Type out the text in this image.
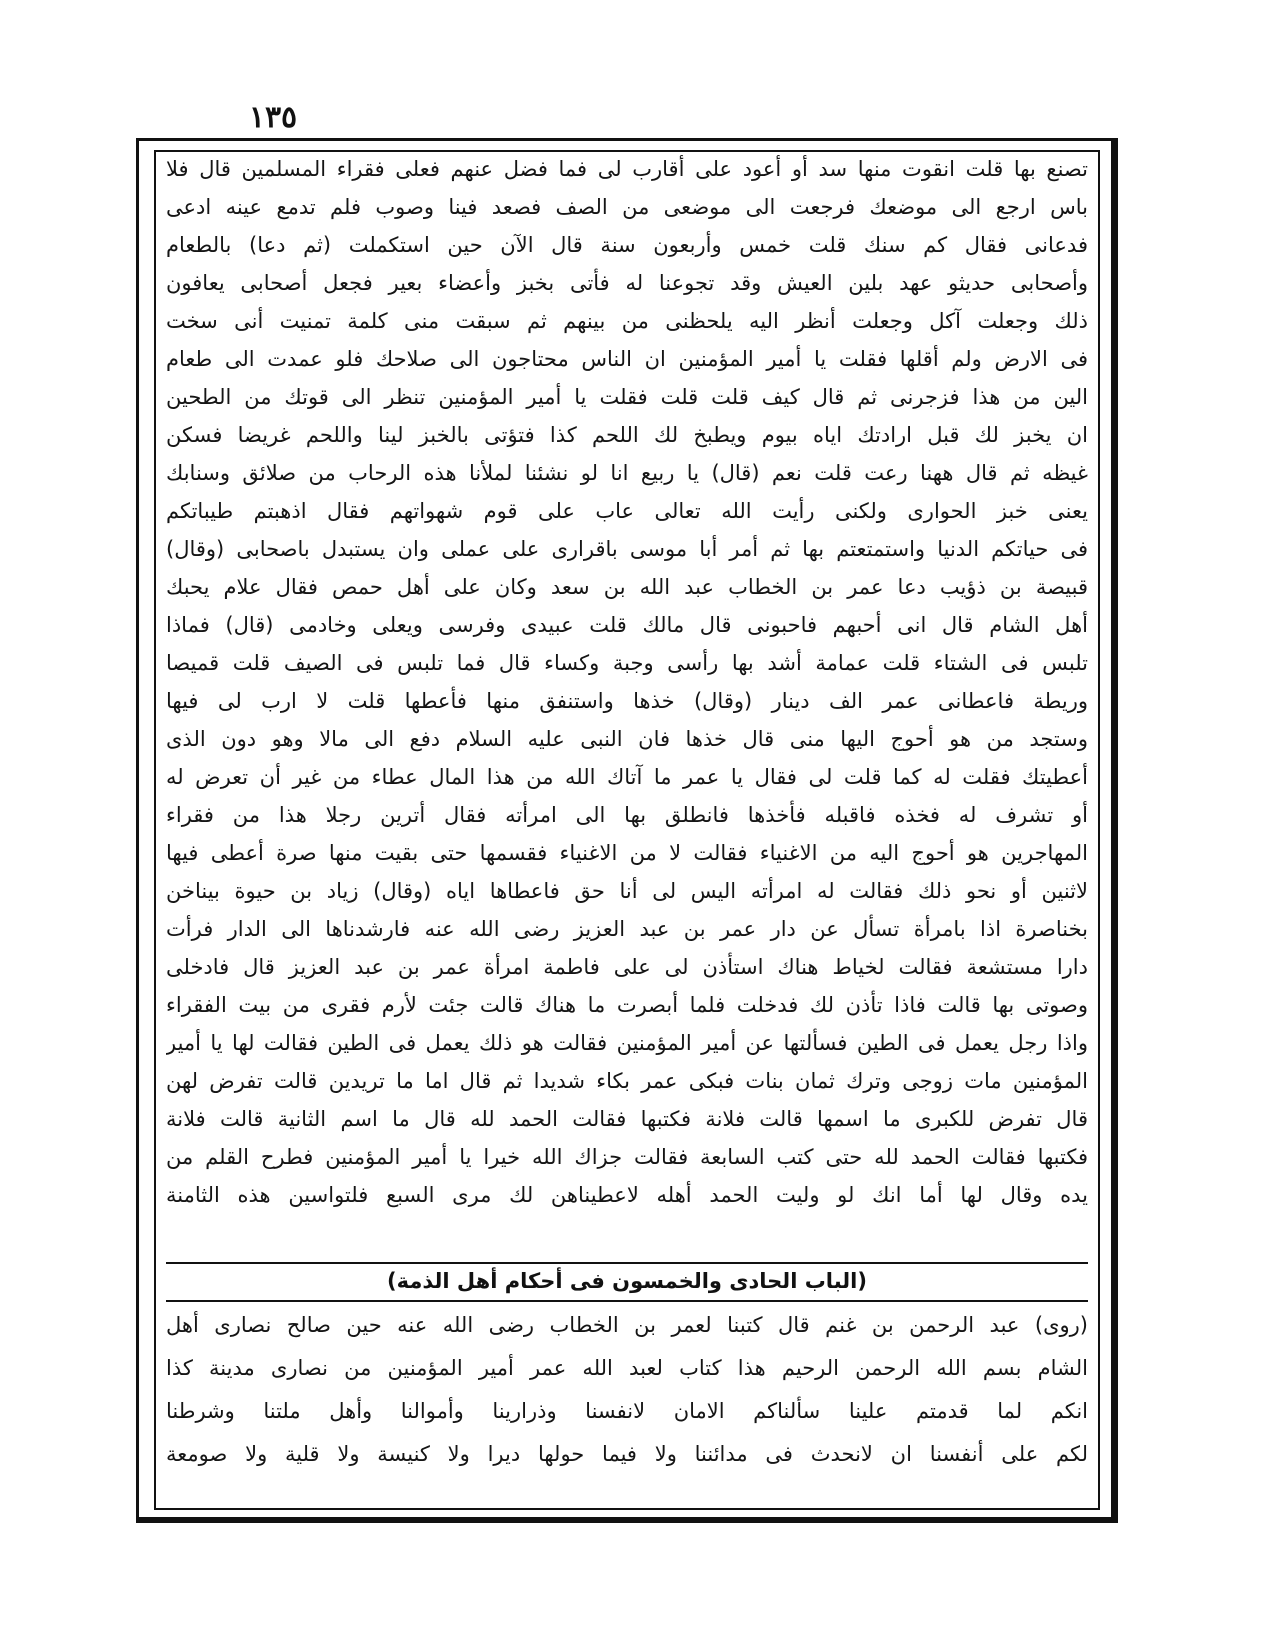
١٣٥
تصنع بها قلت انقوت منها سد أو أعود على أقارب لى فما فضل عنهم فعلى فقراء المسلمين قال فلا
باس ارجع الى موضعك فرجعت الى موضعى من الصف فصعد فينا وصوب فلم تدمع عينه ادعى
فدعانى فقال كم سنك قلت خمس وأربعون سنة قال الآن حين استكملت (ثم دعا) بالطعام
وأصحابى حديثو عهد بلين العيش وقد تجوعنا له فأتى بخبز وأعضاء بعير فجعل أصحابى يعافون
ذلك وجعلت آكل وجعلت أنظر اليه يلحظنى من بينهم ثم سبقت منى كلمة تمنيت أنى سخت
فى الارض ولم أقلها فقلت يا أمير المؤمنين ان الناس محتاجون الى صلاحك فلو عمدت الى طعام
الين من هذا فزجرنى ثم قال كيف قلت قلت فقلت يا أمير المؤمنين تنظر الى قوتك من الطحين
ان يخبز لك قبل ارادتك اياه بيوم ويطبخ لك اللحم كذا فتؤتى بالخبز لينا واللحم غريضا فسكن
غيظه ثم قال ههنا رعت قلت نعم (قال) يا ربيع انا لو نشئنا لملأنا هذه الرحاب من صلائق وسنابك
يعنى خبز الحوارى ولكنى رأيت الله تعالى عاب على قوم شهواتهم فقال اذهبتم طيباتكم
فى حياتكم الدنيا واستمتعتم بها ثم أمر أبا موسى باقرارى على عملى وان يستبدل باصحابى (وقال)
قبيصة بن ذؤيب دعا عمر بن الخطاب عبد الله بن سعد وكان على أهل حمص فقال علام يحبك
أهل الشام قال انى أحبهم فاحبونى قال مالك قلت عبيدى وفرسى ويعلى وخادمى (قال) فماذا
تلبس فى الشتاء قلت عمامة أشد بها رأسى وجبة وكساء قال فما تلبس فى الصيف قلت قميصا
وريطة فاعطانى عمر الف دينار (وقال) خذها واستنفق منها فأعطها قلت لا ارب لى فيها
وستجد من هو أحوج اليها منى قال خذها فان النبى عليه السلام دفع الى مالا وهو دون الذى
أعطيتك فقلت له كما قلت لى فقال يا عمر ما آتاك الله من هذا المال عطاء من غير أن تعرض له
أو تشرف له فخذه فاقبله فأخذها فانطلق بها الى امرأته فقال أترين رجلا هذا من فقراء
المهاجرين هو أحوج اليه من الاغنياء فقالت لا من الاغنياء فقسمها حتى بقيت منها صرة أعطى فيها
لاثنين أو نحو ذلك فقالت له امرأته اليس لى أنا حق فاعطاها اياه (وقال) زياد بن حيوة بيناخن
بخناصرة اذا بامرأة تسأل عن دار عمر بن عبد العزيز رضى الله عنه فارشدناها الى الدار فرأت
دارا مستشعة فقالت لخياط هناك استأذن لى على فاطمة امرأة عمر بن عبد العزيز قال فادخلى
وصوتى بها قالت فاذا تأذن لك فدخلت فلما أبصرت ما هناك قالت جئت لأرم فقرى من بيت الفقراء
واذا رجل يعمل فى الطين فسألتها عن أمير المؤمنين فقالت هو ذلك يعمل فى الطين فقالت لها يا أمير
المؤمنين مات زوجى وترك ثمان بنات فبكى عمر بكاء شديدا ثم قال اما ما تريدين قالت تفرض لهن
قال تفرض للكبرى ما اسمها قالت فلانة فكتبها فقالت الحمد لله قال ما اسم الثانية قالت فلانة
فكتبها فقالت الحمد لله حتى كتب السابعة فقالت جزاك الله خيرا يا أمير المؤمنين فطرح القلم من
يده وقال لها أما انك لو وليت الحمد أهله لاعطيناهن لك مرى السبع فلتواسين هذه الثامنة
(الباب الحادى والخمسون فى أحكام أهل الذمة)
(روى) عبد الرحمن بن غنم قال كتبنا لعمر بن الخطاب رضى الله عنه حين صالح نصارى أهل
الشام بسم الله الرحمن الرحيم هذا كتاب لعبد الله عمر أمير المؤمنين من نصارى مدينة كذا
انكم لما قدمتم علينا سألناكم الامان لانفسنا وذرارينا وأموالنا وأهل ملتنا وشرطنا
لكم على أنفسنا ان لانحدث فى مدائننا ولا فيما حولها ديرا ولا كنيسة ولا قلية ولا صومعة
